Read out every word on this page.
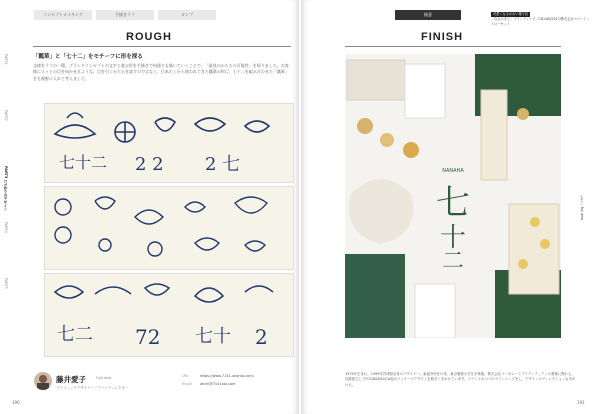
コンセプトメイキング	手描きラフ	カンプ
ROUGH
「瓢箪」と「七十二」をモチーフに形を探る
文様をラフの一環、ブランドコンセプトの文字と遊ぶ形を手描きで何通りも描いていくことで、「最良のかたちの可能性」を探りました。お客様にスッとの目を向かせるような、目を引くかたちを試すのではなく、日本古くから使われてきた瓢箪の形に、七十二を組み合わせた「瓢箪」をも視野に入れて考えました。
PART1
PART2
PART3 ロゴ作りのデザイン
PART4
PART5
七十二 2 2 2 七
七二 72 七十 2
藤井愛子	Fujii aiko
グラフィックデザイナー／アートディレクター
URL	https://www.7141-okonto.com/
Email aiichi@7141ooi.com
190
極意
FINISH
191
可愛くなるかわい菓子店
「ななかまど」ブランディング／CD×AD/2017/株式会社ペパーミントローゼット
NANAHA
七
十
二
七十二 fuji aiko
1979年生まれ、1999年宮城県出身のデザイナー。東福寺所在の家、東京藝術大学を卒業後、株式会社コーポレートアイデンティティの業務に携わる。以降独立してFOOD&DELICA他のパッケージデザインを数多く手がけています。ブランド＆ロゴのプランニングをし、デザインのディレクションも手がける。
